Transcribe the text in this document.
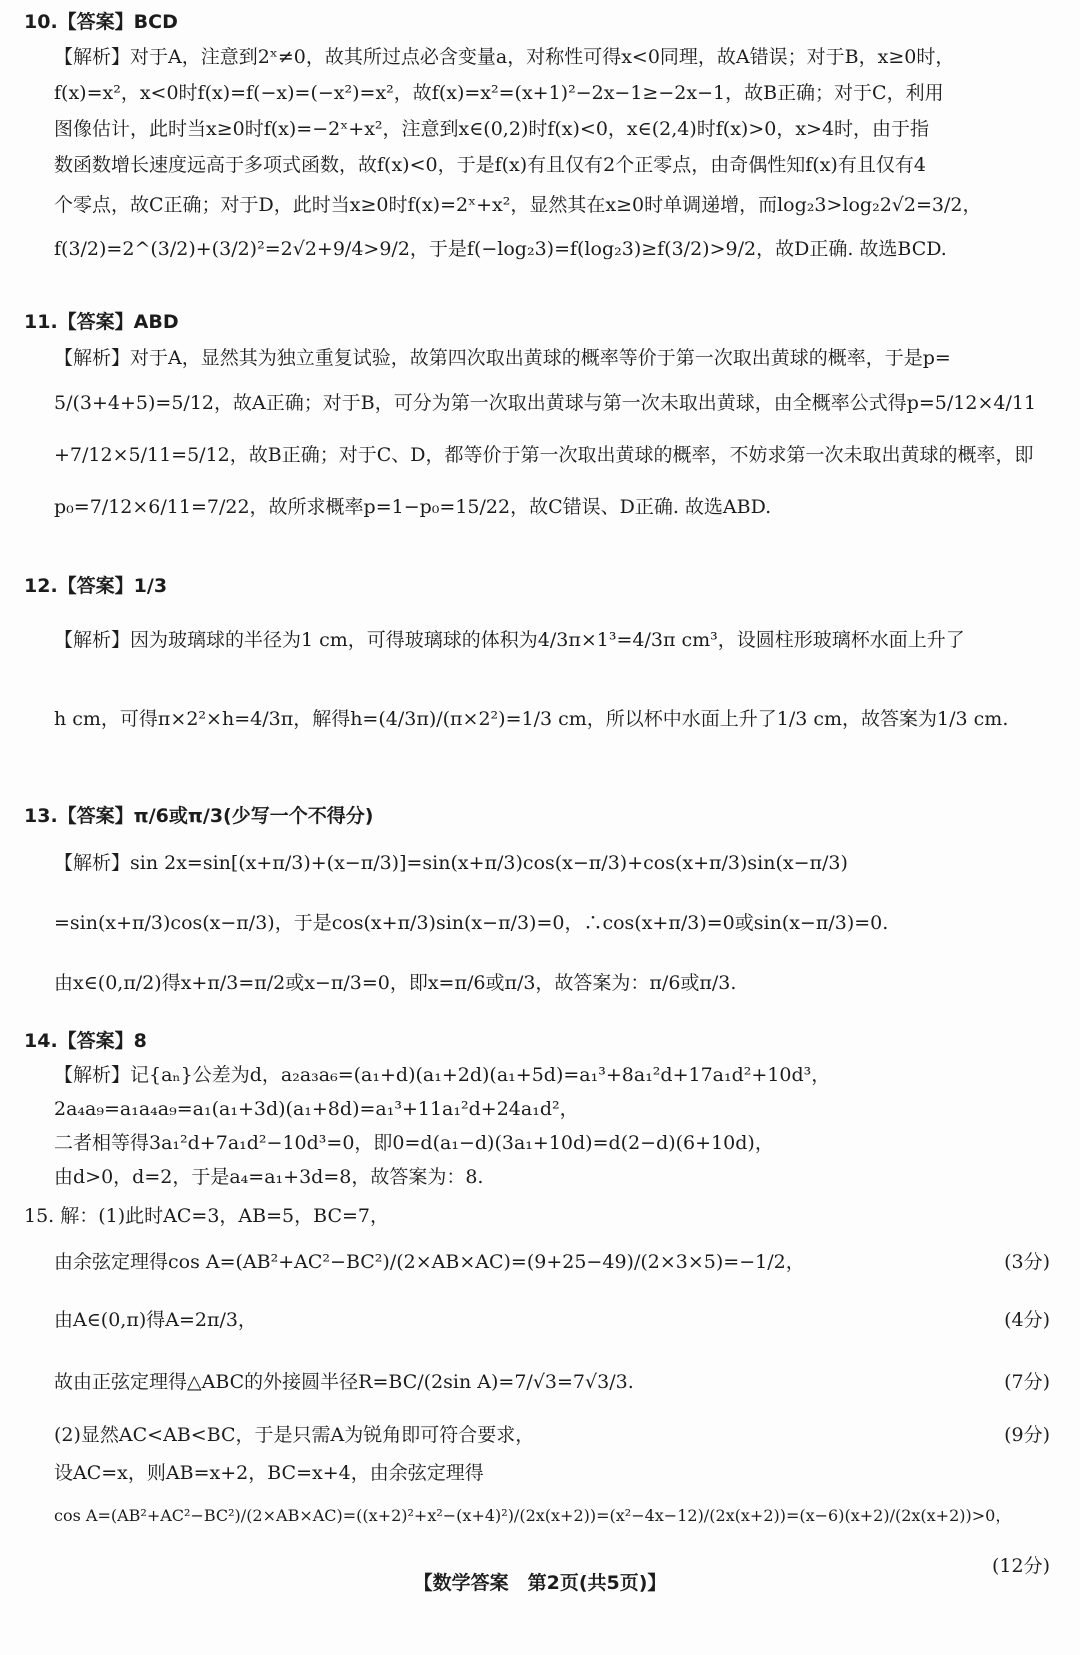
10.【答案】BCD
【解析】对于A，注意到2ˣ≠0，故其所过点必含变量a，对称性可得x<0同理，故A错误；对于B，x≥0时，
f(x)=x²，x<0时f(x)=f(−x)=(−x²)=x²，故f(x)=x²=(x+1)²−2x−1≥−2x−1，故B正确；对于C，利用
图像估计，此时当x≥0时f(x)=−2ˣ+x²，注意到x∈(0,2)时f(x)<0，x∈(2,4)时f(x)>0，x>4时，由于指
数函数增长速度远高于多项式函数，故f(x)<0，于是f(x)有且仅有2个正零点，由奇偶性知f(x)有且仅有4
个零点，故C正确；对于D，此时当x≥0时f(x)=2ˣ+x²，显然其在x≥0时单调递增，而log₂3>log₂2√2=3/2，
f(3/2)=2^(3/2)+(3/2)²=2√2+9/4>9/2，于是f(−log₂3)=f(log₂3)≥f(3/2)>9/2，故D正确. 故选BCD.
11.【答案】ABD
【解析】对于A，显然其为独立重复试验，故第四次取出黄球的概率等价于第一次取出黄球的概率，于是p=
5/(3+4+5)=5/12，故A正确；对于B，可分为第一次取出黄球与第一次未取出黄球，由全概率公式得p=5/12×4/11
+7/12×5/11=5/12，故B正确；对于C、D，都等价于第一次取出黄球的概率，不妨求第一次未取出黄球的概率，即
p₀=7/12×6/11=7/22，故所求概率p=1−p₀=15/22，故C错误、D正确. 故选ABD.
12.【答案】1/3
【解析】因为玻璃球的半径为1 cm，可得玻璃球的体积为4/3π×1³=4/3π cm³，设圆柱形玻璃杯水面上升了
h cm，可得π×2²×h=4/3π，解得h=(4/3π)/(π×2²)=1/3 cm，所以杯中水面上升了1/3 cm，故答案为1/3 cm.
13.【答案】π/6或π/3(少写一个不得分)
【解析】sin 2x=sin[(x+π/3)+(x−π/3)]=sin(x+π/3)cos(x−π/3)+cos(x+π/3)sin(x−π/3)
=sin(x+π/3)cos(x−π/3)，于是cos(x+π/3)sin(x−π/3)=0，∴cos(x+π/3)=0或sin(x−π/3)=0.
由x∈(0,π/2)得x+π/3=π/2或x−π/3=0，即x=π/6或π/3，故答案为：π/6或π/3.
14.【答案】8
【解析】记{aₙ}公差为d，a₂a₃a₆=(a₁+d)(a₁+2d)(a₁+5d)=a₁³+8a₁²d+17a₁d²+10d³，
2a₄a₉=a₁a₄a₉=a₁(a₁+3d)(a₁+8d)=a₁³+11a₁²d+24a₁d²，
二者相等得3a₁²d+7a₁d²−10d³=0，即0=d(a₁−d)(3a₁+10d)=d(2−d)(6+10d)，
由d>0，d=2，于是a₄=a₁+3d=8，故答案为：8.
15. 解：(1)此时AC=3，AB=5，BC=7，
由余弦定理得cos A=(AB²+AC²−BC²)/(2×AB×AC)=(9+25−49)/(2×3×5)=−1/2，	(3分)
由A∈(0,π)得A=2π/3，	(4分)
故由正弦定理得△ABC的外接圆半径R=BC/(2sin A)=7/√3=7√3/3.	(7分)
(2)显然AC<AB<BC，于是只需A为锐角即可符合要求，	(9分)
设AC=x，则AB=x+2，BC=x+4，由余弦定理得
cos A=(AB²+AC²−BC²)/(2×AB×AC)=((x+2)²+x²−(x+4)²)/(2x(x+2))=(x²−4x−12)/(2x(x+2))=(x−6)(x+2)/(2x(x+2))>0，
(12分)
【数学答案　第2页(共5页)】
